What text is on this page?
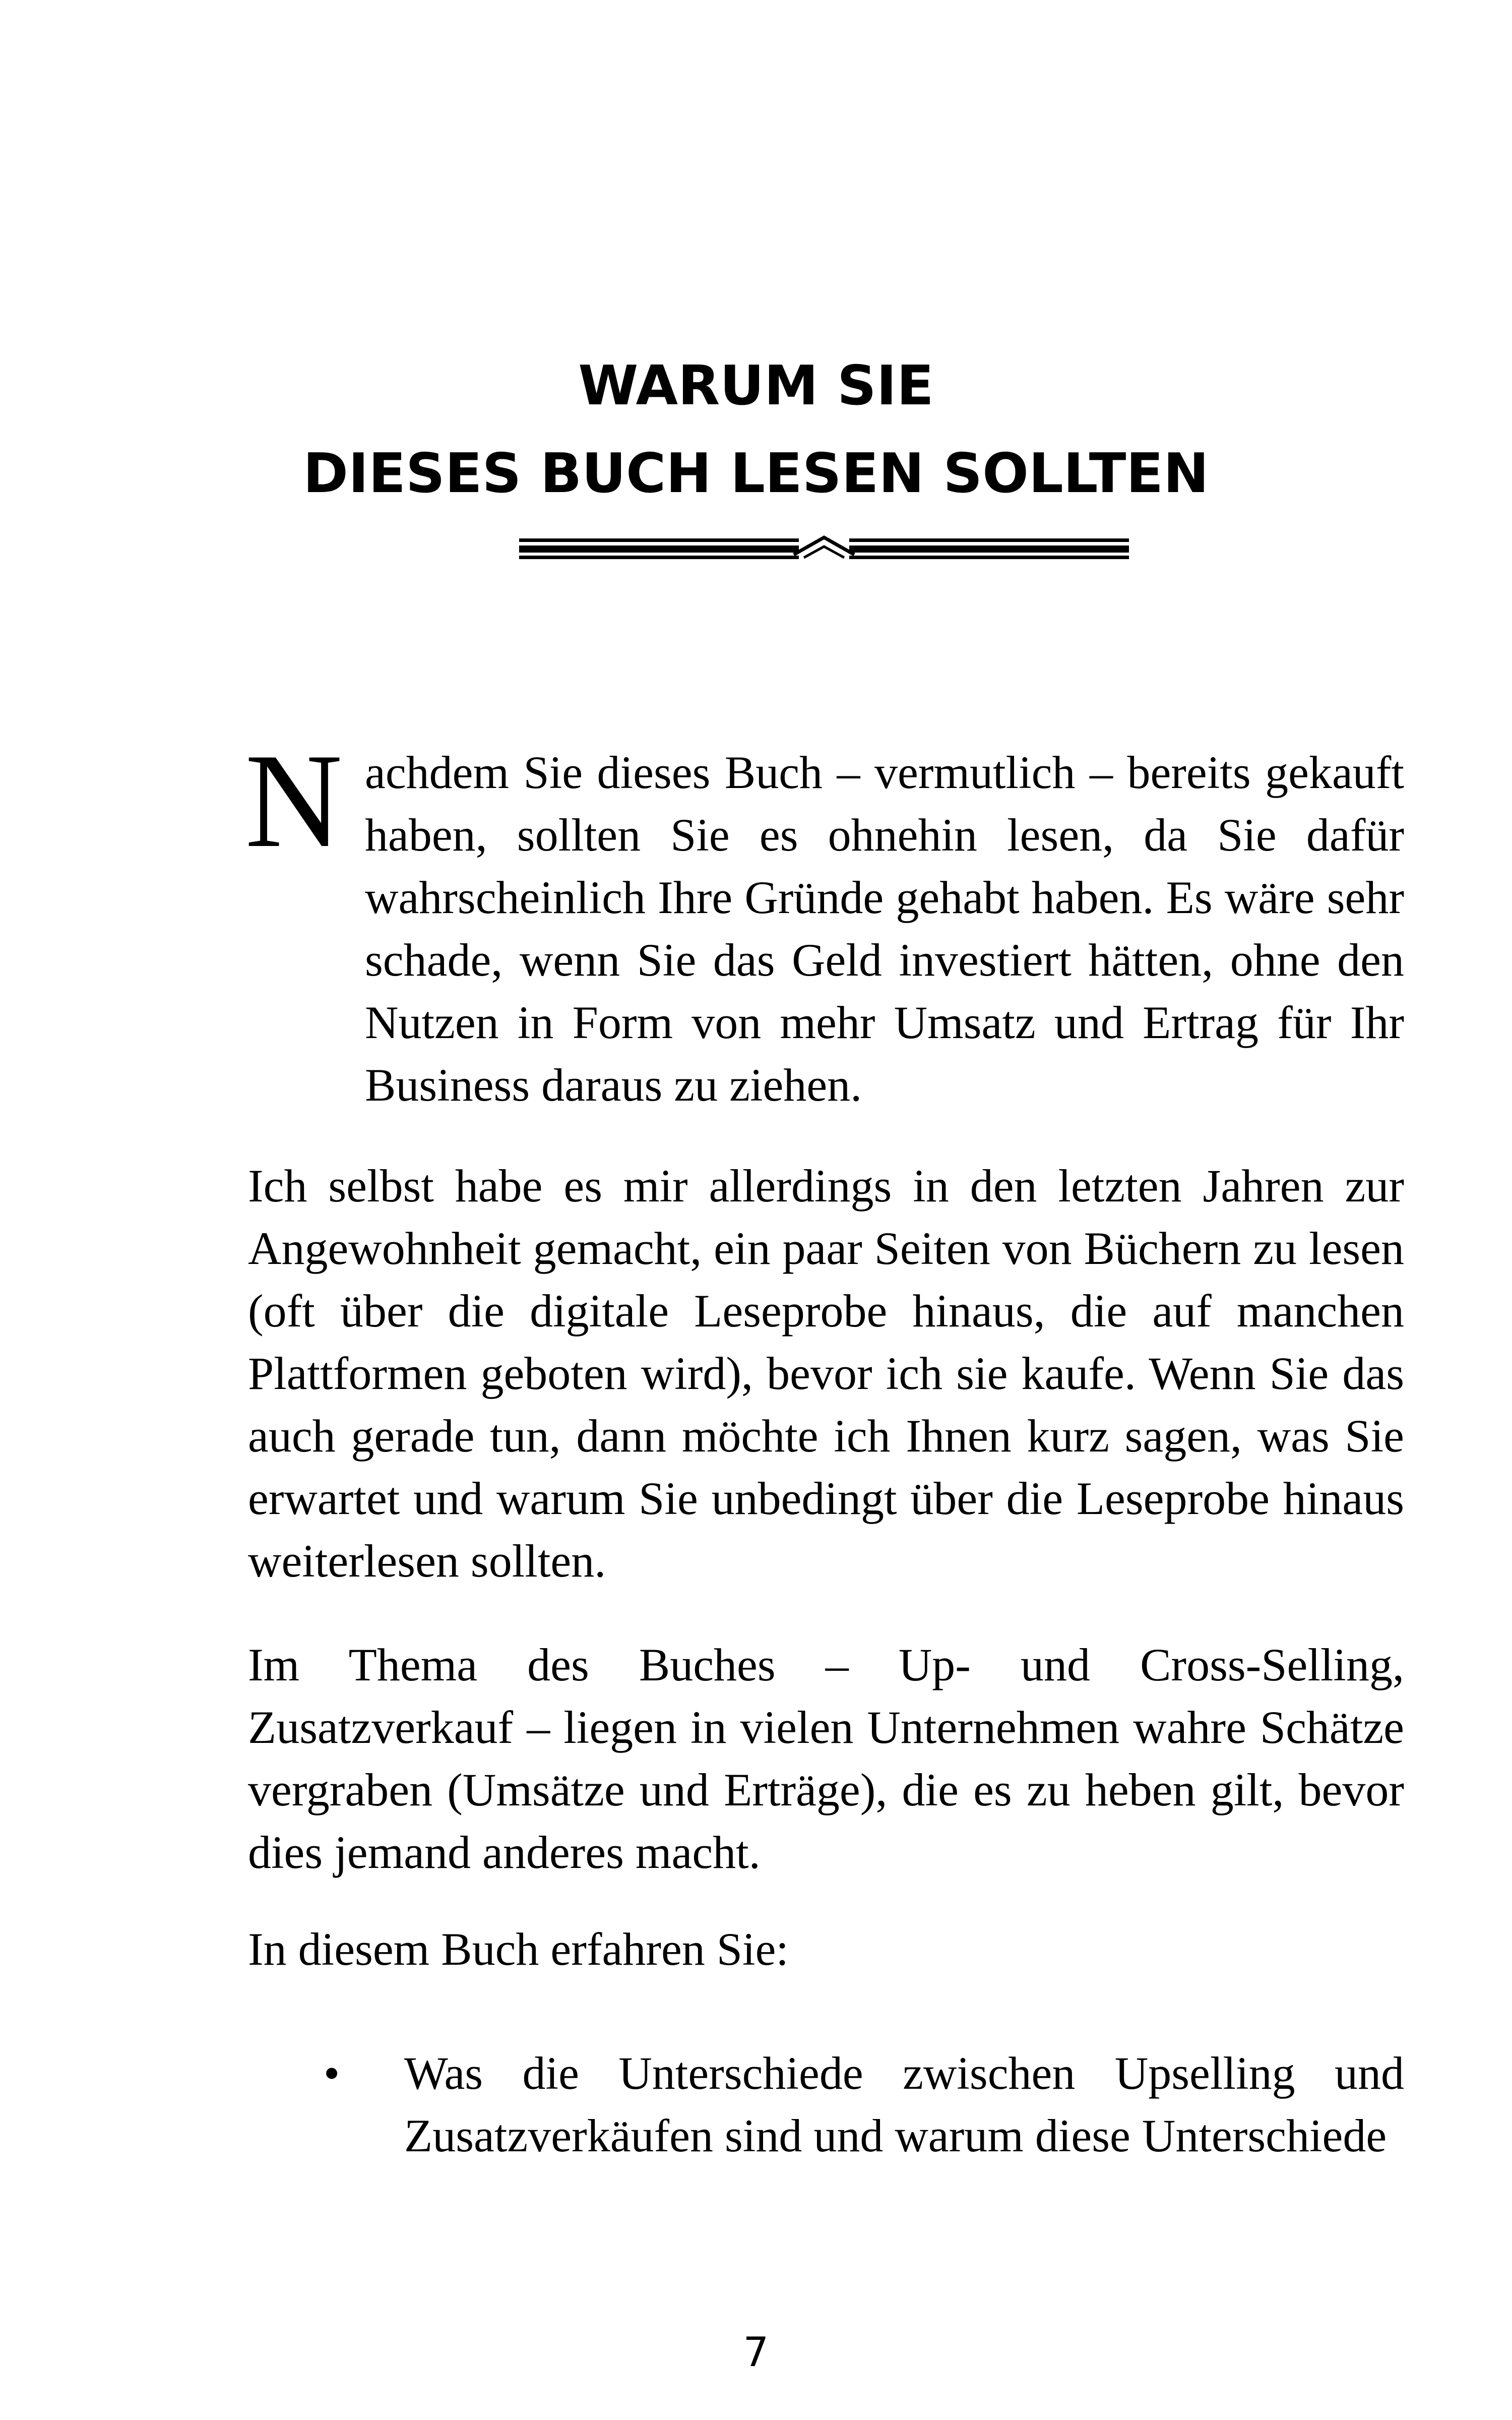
WARUM SIE
DIESES BUCH LESEN SOLLTEN

N achdem Sie dieses Buch – vermutlich – bereits gekauft haben, sollten Sie es ohnehin lesen, da Sie dafür wahrscheinlich Ihre Gründe gehabt haben. Es wäre sehr schade, wenn Sie das Geld investiert hätten, ohne den Nutzen in Form von mehr Umsatz und Ertrag für Ihr Business daraus zu ziehen.

Ich selbst habe es mir allerdings in den letzten Jahren zur Angewohnheit gemacht, ein paar Seiten von Büchern zu lesen (oft über die digitale Leseprobe hinaus, die auf manchen Plattformen geboten wird), bevor ich sie kaufe. Wenn Sie das auch gerade tun, dann möchte ich Ihnen kurz sagen, was Sie erwartet und warum Sie unbedingt über die Leseprobe hinaus weiterlesen sollten.

Im Thema des Buches – Up- und Cross-Selling, Zusatzverkauf – liegen in vielen Unternehmen wahre Schätze vergraben (Umsätze und Erträge), die es zu heben gilt, bevor dies jemand anderes macht.

In diesem Buch erfahren Sie:

• Was die Unterschiede zwischen Upselling und Zusatzverkäufen sind und warum diese Unterschiede
7
